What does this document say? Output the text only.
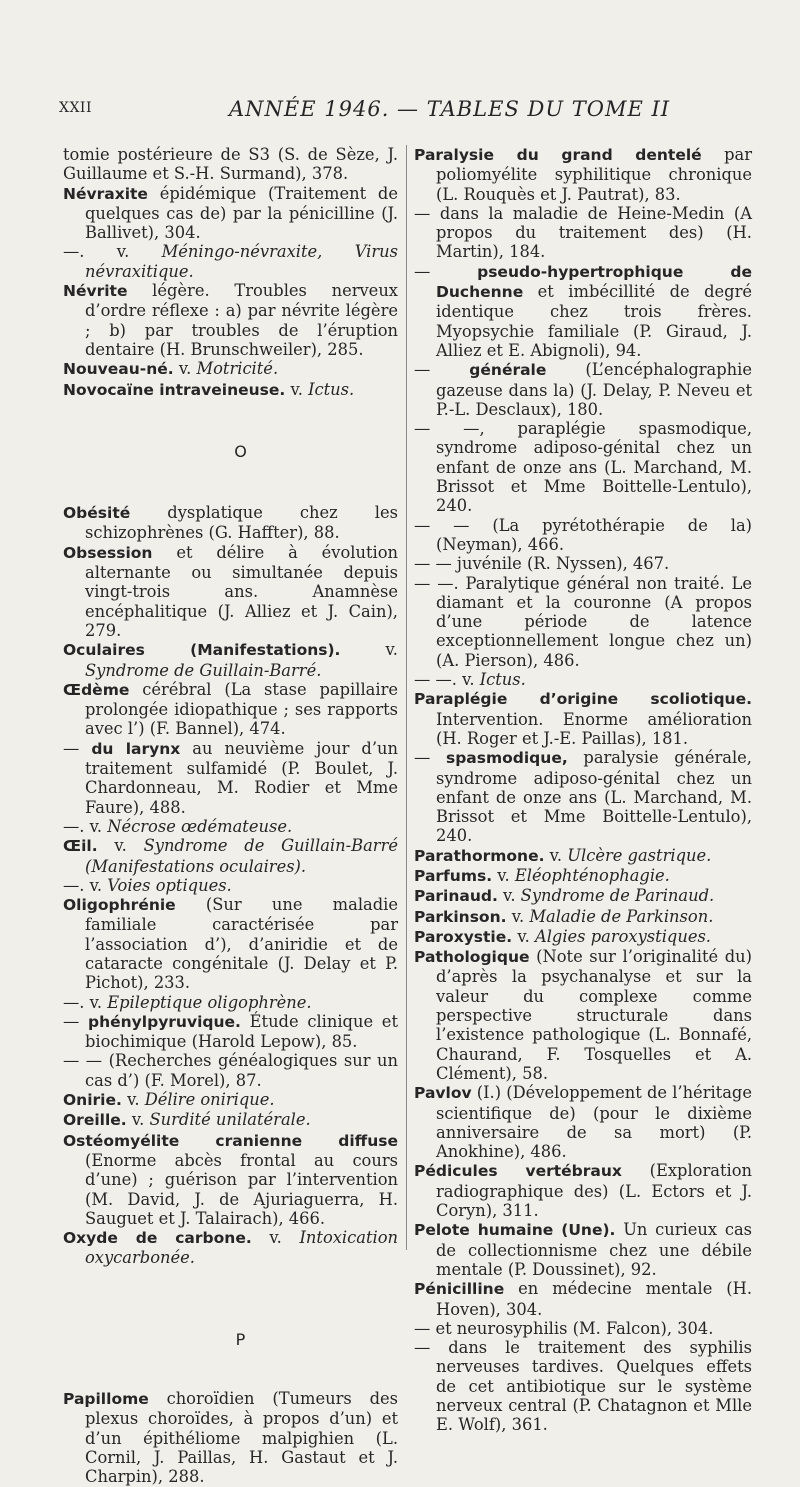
XXII	ANNÉE 1946. — TABLES DU TOME II

tomie postérieure de S3 (S. de Sèze, J. Guillaume et S.-H. Surmand), 378.

Névraxite épidémique (Traitement de quelques cas de) par la pénicilline (J. Ballivet), 304.

—. v. Méningo-névraxite, Virus névraxitique.

Névrite légère. Troubles nerveux d’ordre réflexe : a) par névrite légère ; b) par troubles de l’éruption dentaire (H. Brunschweiler), 285.

Nouveau-né. v. Motricité.

Novocaïne intraveineuse. v. Ictus.

O

Obésité dysplatique chez les schizophrènes (G. Haffter), 88.

Obsession et délire à évolution alternante ou simultanée depuis vingt-trois ans. Anamnèse encéphalitique (J. Alliez et J. Cain), 279.

Oculaires (Manifestations). v. Syndrome de Guillain-Barré.

Œdème cérébral (La stase papillaire prolongée idiopathique ; ses rapports avec l’) (F. Bannel), 474.

— du larynx au neuvième jour d’un traitement sulfamidé (P. Boulet, J. Chardonneau, M. Rodier et Mme Faure), 488.

—. v. Nécrose œdémateuse.

Œil. v. Syndrome de Guillain-Barré (Manifestations oculaires).

—. v. Voies optiques.

Oligophrénie (Sur une maladie familiale caractérisée par l’association d’), d’aniridie et de cataracte congénitale (J. Delay et P. Pichot), 233.

—. v. Epileptique oligophrène.

— phénylpyruvique. Étude clinique et biochimique (Harold Lepow), 85.

— — (Recherches généalogiques sur un cas d’) (F. Morel), 87.

Onirie. v. Délire onirique.

Oreille. v. Surdité unilatérale.

Ostéomyélite cranienne diffuse (Enorme abcès frontal au cours d’une) ; guérison par l’intervention (M. David, J. de Ajuriaguerra, H. Sauguet et J. Talairach), 466.

Oxyde de carbone. v. Intoxication oxycarbonée.

P

Papillome choroïdien (Tumeurs des plexus choroïdes, à propos d’un) et d’un épithéliome malpighien (L. Cornil, J. Paillas, H. Gastaut et J. Charpin), 288.

Paralysie du grand dentelé par poliomyélite syphilitique chronique (L. Rouquès et J. Pautrat), 83.

— dans la maladie de Heine-Medin (A propos du traitement des) (H. Martin), 184.

— pseudo-hypertrophique de Duchenne et imbécillité de degré identique chez trois frères. Myopsychie familiale (P. Giraud, J. Alliez et E. Abignoli), 94.

— générale (L’encéphalographie gazeuse dans la) (J. Delay, P. Neveu et P.-L. Desclaux), 180.

— —, paraplégie spasmodique, syndrome adiposo-génital chez un enfant de onze ans (L. Marchand, M. Brissot et Mme Boittelle-Lentulo), 240.

— — (La pyrétothérapie de la) (Neyman), 466.

— — juvénile (R. Nyssen), 467.

— —. Paralytique général non traité. Le diamant et la couronne (A propos d’une période de latence exceptionnellement longue chez un) (A. Pierson), 486.

— —. v. Ictus.

Paraplégie d’origine scoliotique. Intervention. Enorme amélioration (H. Roger et J.-E. Paillas), 181.

— spasmodique, paralysie générale, syndrome adiposo-génital chez un enfant de onze ans (L. Marchand, M. Brissot et Mme Boittelle-Lentulo), 240.

Parathormone. v. Ulcère gastrique.

Parfums. v. Eléophténophagie.

Parinaud. v. Syndrome de Parinaud.

Parkinson. v. Maladie de Parkinson.

Paroxystie. v. Algies paroxystiques.

Pathologique (Note sur l’originalité du) d’après la psychanalyse et sur la valeur du complexe comme perspective structurale dans l’existence pathologique (L. Bonnafé, Chaurand, F. Tosquelles et A. Clément), 58.

Pavlov (I.) (Développement de l’héritage scientifique de) (pour le dixième anniversaire de sa mort) (P. Anokhine), 486.

Pédicules vertébraux (Exploration radiographique des) (L. Ectors et J. Coryn), 311.

Pelote humaine (Une). Un curieux cas de collectionnisme chez une débile mentale (P. Doussinet), 92.

Pénicilline en médecine mentale (H. Hoven), 304.

— et neurosyphilis (M. Falcon), 304.

— dans le traitement des syphilis nerveuses tardives. Quelques effets de cet antibiotique sur le système nerveux central (P. Chatagnon et Mlle E. Wolf), 361.
